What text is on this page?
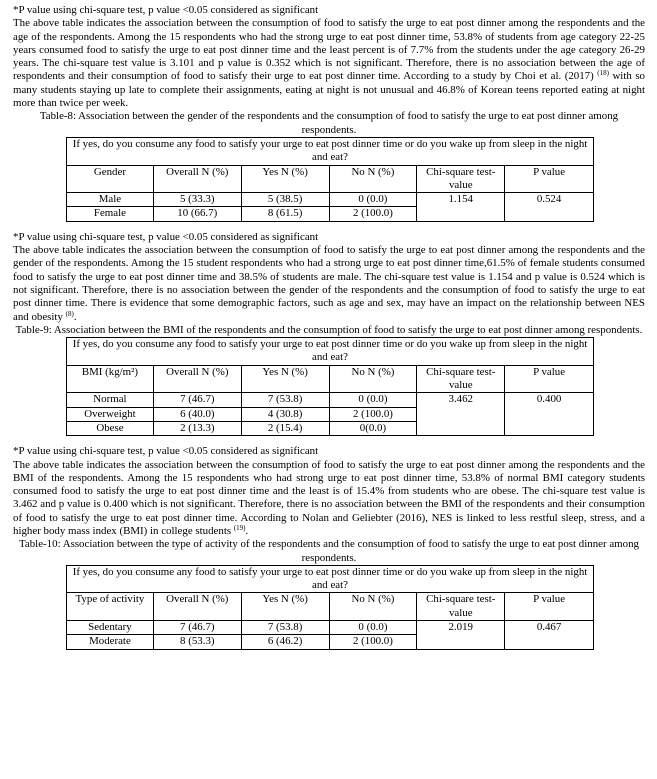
*P value using chi-square test, p value <0.05 considered as significant

The above table indicates the association between the consumption of food to satisfy the urge to eat post dinner among the respondents and the age of the respondents. Among the 15 respondents who had the strong urge to eat post dinner time, 53.8% of students from age category 22-25 years consumed food to satisfy the urge to eat post dinner time and the least percent is of 7.7% from the students under the age category 26-29 years. The chi-square test value is 3.101 and p value is 0.352 which is not significant. Therefore, there is no association between the age of respondents and their consumption of food to satisfy their urge to eat post dinner time. According to a study by Choi et al. (2017) $^{(18)}$ with so many students staying up late to complete their assignments, eating at night is not unusual and 46.8% of Korean teens reported eating at night more than twice per week.

Table-8: Association between the gender of the respondents and the consumption of food to satisfy the urge to eat post dinner among respondents.

If yes, do you consume any food to satisfy your urge to eat post dinner time or do you wake up from sleep in the night and eat?					
Gender	Overall N (%)	Yes N (%)	No N (%)	Chi-square test-value	P value
Male	5 (33.3)	5 (38.5)	0 (0.0)	1.154	0.524
Female	10 (66.7)	8 (61.5)	2 (100.0)		

*P value using chi-square test, p value <0.05 considered as significant

The above table indicates the association between the consumption of food to satisfy the urge to eat post dinner among the respondents and the gender of the respondents. Among the 15 student respondents who had a strong urge to eat post dinner time,61.5% of female students consumed food to satisfy the urge to eat post dinner time and 38.5% of students are male. The chi-square test value is 1.154 and p value is 0.524 which is not significant. Therefore, there is no association between the gender of the respondents and the consumption of food to satisfy the urge to eat post dinner time. There is evidence that some demographic factors, such as age and sex, may have an impact on the relationship between NES and obesity $^{(8)}$.

Table-9: Association between the BMI of the respondents and the consumption of food to satisfy the urge to eat post dinner among respondents.

If yes, do you consume any food to satisfy your urge to eat post dinner time or do you wake up from sleep in the night and eat?					
BMI (kg/m²)	Overall N (%)	Yes N (%)	No N (%)	Chi-square test-value	P value
Normal	7 (46.7)	7 (53.8)	0 (0.0)	3.462	0.400
Overweight	6 (40.0)	4 (30.8)	2 (100.0)		
Obese	2 (13.3)	2 (15.4)	0(0.0)		

*P value using chi-square test, p value <0.05 considered as significant

The above table indicates the association between the consumption of food to satisfy the urge to eat post dinner among the respondents and the BMI of the respondents. Among the 15 respondents who had strong urge to eat post dinner time, 53.8% of normal BMI category students consumed food to satisfy the urge to eat post dinner time and the least is of 15.4% from students who are obese. The chi-square test value is 3.462 and p value is 0.400 which is not significant. Therefore, there is no association between the BMI of the respondents and their consumption of food to satisfy the urge to eat post dinner time. According to Nolan and Geliebter (2016), NES is linked to less restful sleep, stress, and a higher body mass index (BMI) in college students $^{(19)}$.

Table-10: Association between the type of activity of the respondents and the consumption of food to satisfy the urge to eat post dinner among respondents.

If yes, do you consume any food to satisfy your urge to eat post dinner time or do you wake up from sleep in the night and eat?					
Type of activity	Overall N (%)	Yes N (%)	No N (%)	Chi-square test-value	P value
Sedentary	7 (46.7)	7 (53.8)	0 (0.0)	2.019	0.467
Moderate	8 (53.3)	6 (46.2)	2 (100.0)		
